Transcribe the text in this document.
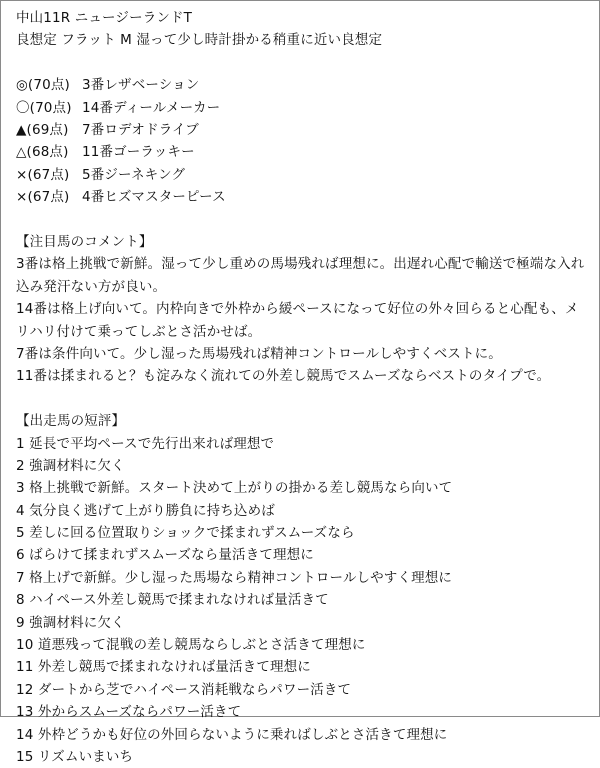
中山11R ニュージーランドT
良想定 フラット M 湿って少し時計掛かる稍重に近い良想定
◎(70点) 3番レザベーション
〇(70点) 14番ディールメーカー
▲(69点)	7番ロデオドライブ
△(68点)	11番ゴーラッキー
×(67点) 5番ジーネキング
×(67点) 4番ヒズマスターピース
【注目馬のコメント】
3番は格上挑戦で新鮮。湿って少し重めの馬場残れば理想に。出遅れ心配で輸送で極端な入れ込み発汗ない方が良い。
14番は格上げ向いて。内枠向きで外枠から緩ペースになって好位の外々回らると心配も、メリハリ付けて乗ってしぶとさ活かせば。
7番は条件向いて。少し湿った馬場残れば精神コントロールしやすくベストに。
11番は揉まれると？も淀みなく流れての外差し競馬でスムーズならベストのタイプで。
【出走馬の短評】
1 延長で平均ペースで先行出来れば理想で
2 強調材料に欠く
3 格上挑戦で新鮮。スタート決めて上がりの掛かる差し競馬なら向いて
4 気分良く逃げて上がり勝負に持ち込めば
5 差しに回る位置取りショックで揉まれずスムーズなら
6 ばらけて揉まれずスムーズなら量活きて理想に
7 格上げで新鮮。少し湿った馬場なら精神コントロールしやすく理想に
8 ハイペース外差し競馬で揉まれなければ量活きて
9 強調材料に欠く
10 道悪残って混戦の差し競馬ならしぶとさ活きて理想に
11 外差し競馬で揉まれなければ量活きて理想に
12 ダートから芝でハイペース消耗戦ならパワー活きて
13 外からスムーズならパワー活きて
14 外枠どうかも好位の外回らないように乗ればしぶとさ活きて理想に
15 リズムいまいち
